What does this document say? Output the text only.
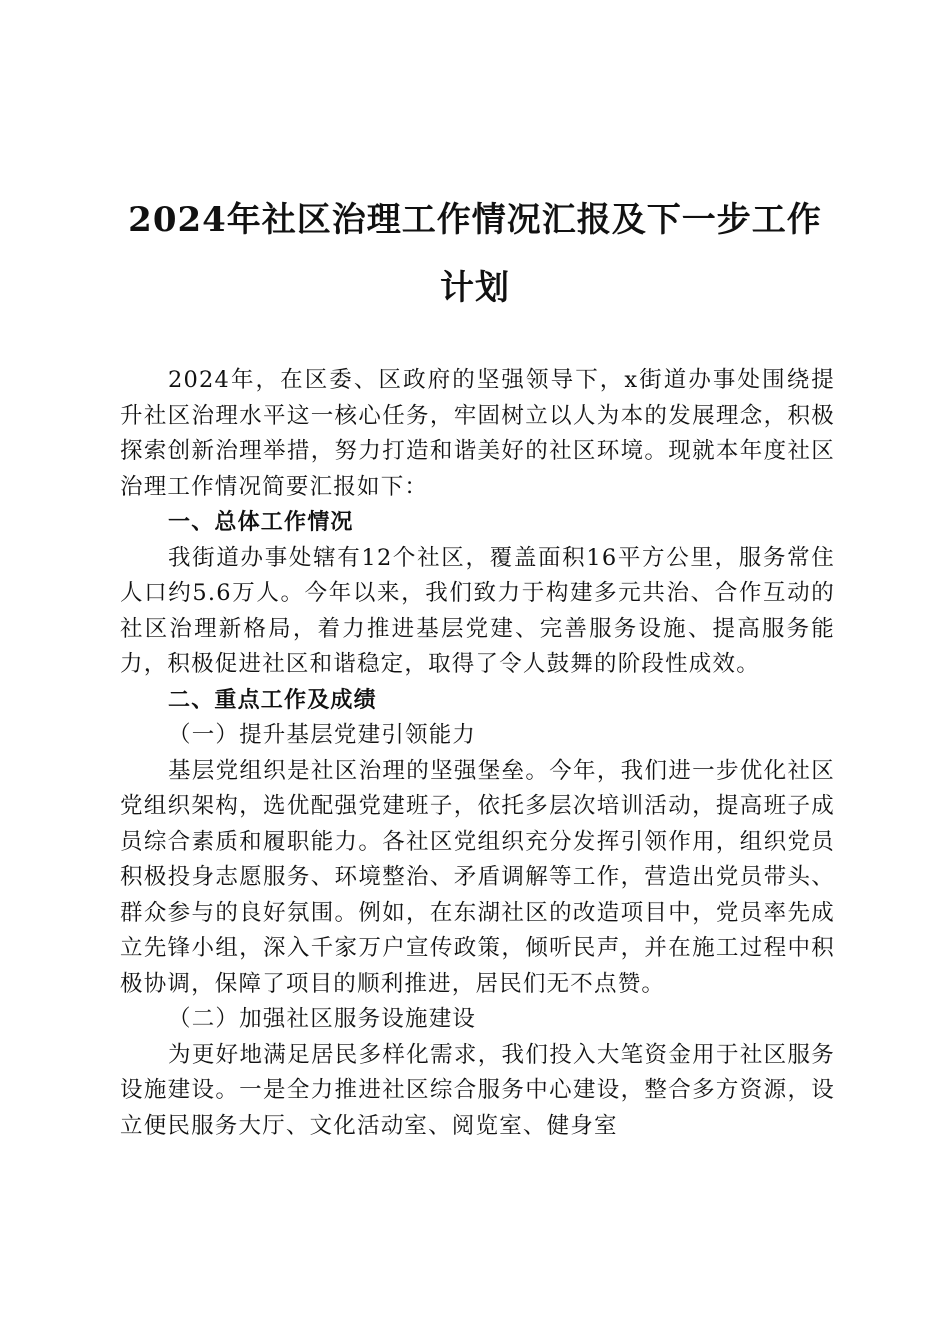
2024年社区治理工作情况汇报及下一步工作
计划

2024年，在区委、区政府的坚强领导下，x街道办事处围绕提升社区治理水平这一核心任务，牢固树立以人为本的发展理念，积极探索创新治理举措，努力打造和谐美好的社区环境。现就本年度社区治理工作情况简要汇报如下：

一、总体工作情况

我街道办事处辖有12个社区，覆盖面积16平方公里，服务常住人口约5.6万人。今年以来，我们致力于构建多元共治、合作互动的社区治理新格局，着力推进基层党建、完善服务设施、提高服务能力，积极促进社区和谐稳定，取得了令人鼓舞的阶段性成效。

二、重点工作及成绩

（一）提升基层党建引领能力

基层党组织是社区治理的坚强堡垒。今年，我们进一步优化社区党组织架构，选优配强党建班子，依托多层次培训活动，提高班子成员综合素质和履职能力。各社区党组织充分发挥引领作用，组织党员积极投身志愿服务、环境整治、矛盾调解等工作，营造出党员带头、群众参与的良好氛围。例如，在东湖社区的改造项目中，党员率先成立先锋小组，深入千家万户宣传政策，倾听民声，并在施工过程中积极协调，保障了项目的顺利推进，居民们无不点赞。

（二）加强社区服务设施建设

为更好地满足居民多样化需求，我们投入大笔资金用于社区服务设施建设。一是全力推进社区综合服务中心建设，整合多方资源，设立便民服务大厅、文化活动室、阅览室、健身室
